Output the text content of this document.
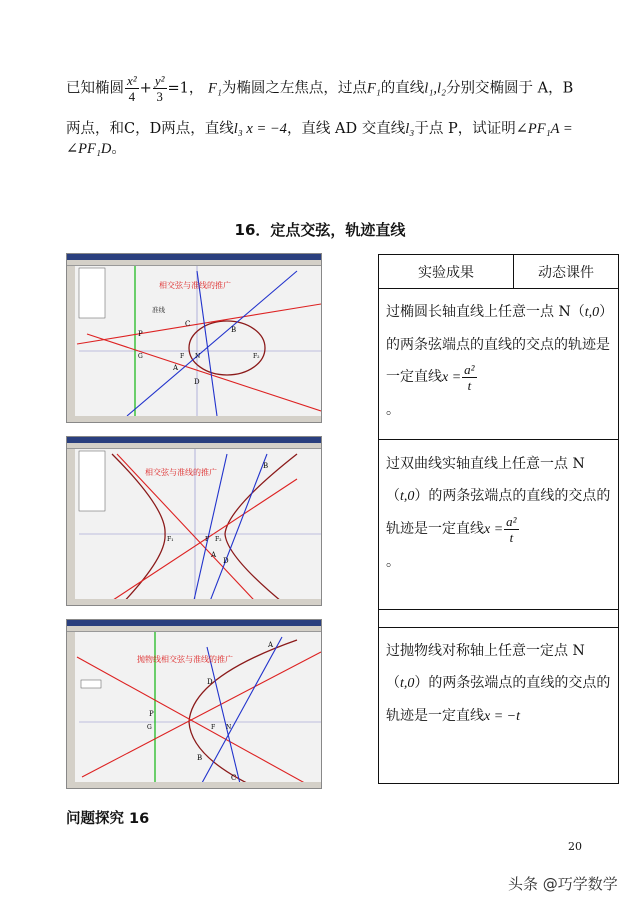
已知椭圆 $\frac{\text{x²}}{4} + \frac{\text{y²}}{3} =1$， F₁为椭圆之左焦点，过点F₁的直线l₁,l₂分别交椭圆于 A，B
两点，和C，D两点，直线l₃ x = −4，直线 AD 交直线l₃于点 P，试证明∠PF₁A = ∠PF₁D。
16．定点交弦，轨迹直线
相交弦与准线的推广
准线
P
C
B
G	F N	F₂
A
D
相交弦与准线的推广
B
F₁	F F₂
A
D
抛物线相交弦与准线的推广
A
D
P
G	F N
B
C
实验成果	动态课件
过椭圆长轴直线上任意一点 N（t,0）的两条弦端点的直线的交点的轨迹是一定直线$x = \frac{\text{a²}}{t}$

。
过双曲线实轴直线上任意一点 N（t,0）的两条弦端点的直线的交点的轨迹是一定直线$x = \frac{\text{a²}}{t}$

。
过抛物线对称轴上任意一定点 N（t,0）的两条弦端点的直线的交点的轨迹是一定直线x = −t
问题探究 16
20
头条 @巧学数学
